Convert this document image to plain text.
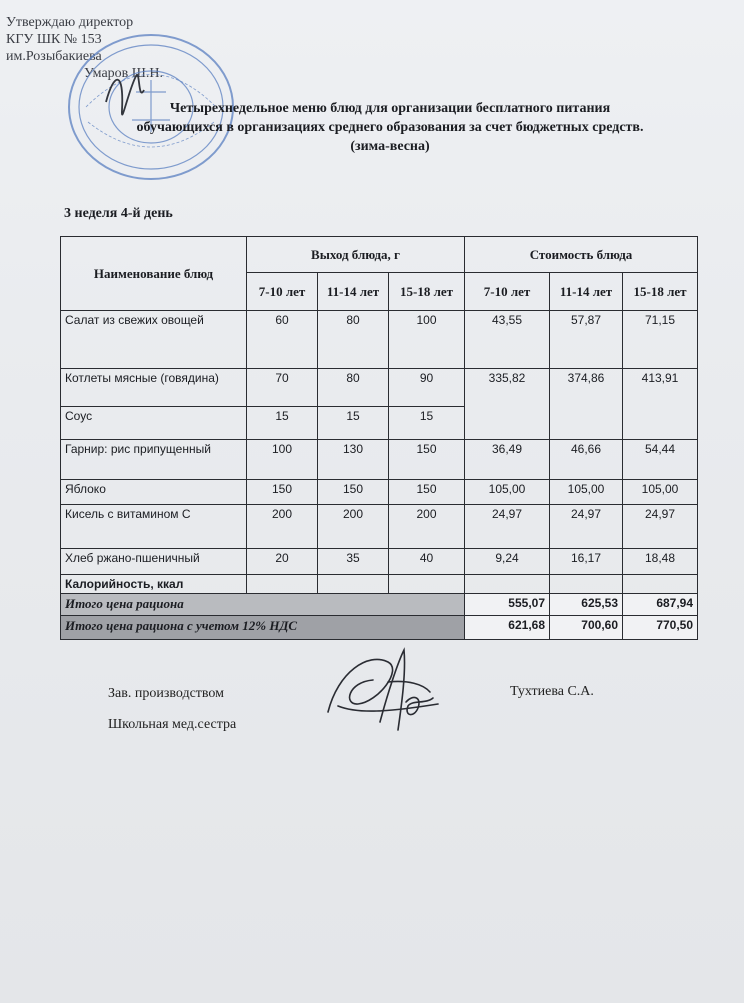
Утверждаю директор
КГУ ШК № 153
им.Розыбакиева
Умаров Ш.Н.
Четырехнедельное меню блюд для организации бесплатного питания
обучающихся в организациях среднего образования за счет бюджетных средств.
(зима-весна)
3 неделя 4-й день
Наименование блюд	Выход блюда, г			Стоимость блюда		
	7-10 лет	11-14 лет	15-18 лет	7-10 лет	11-14 лет	15-18 лет
Салат из свежих овощей	60	80	100	43,55	57,87	71,15
Котлеты мясные (говядина)	70	80	90	335,82	374,86	413,91
Соус	15	15	15			
Гарнир: рис припущенный	100	130	150	36,49	46,66	54,44
Яблоко	150	150	150	105,00	105,00	105,00
Кисель с витамином С	200	200	200	24,97	24,97	24,97
Хлеб ржано-пшеничный	20	35	40	9,24	16,17	18,48
Калорийность, ккал						
Итого цена рациона				555,07	625,53	687,94
Итого цена рациона с учетом 12% НДС				621,68	700,60	770,50
Зав. производством	Тухтиева С.А.
Школьная мед.сестра
